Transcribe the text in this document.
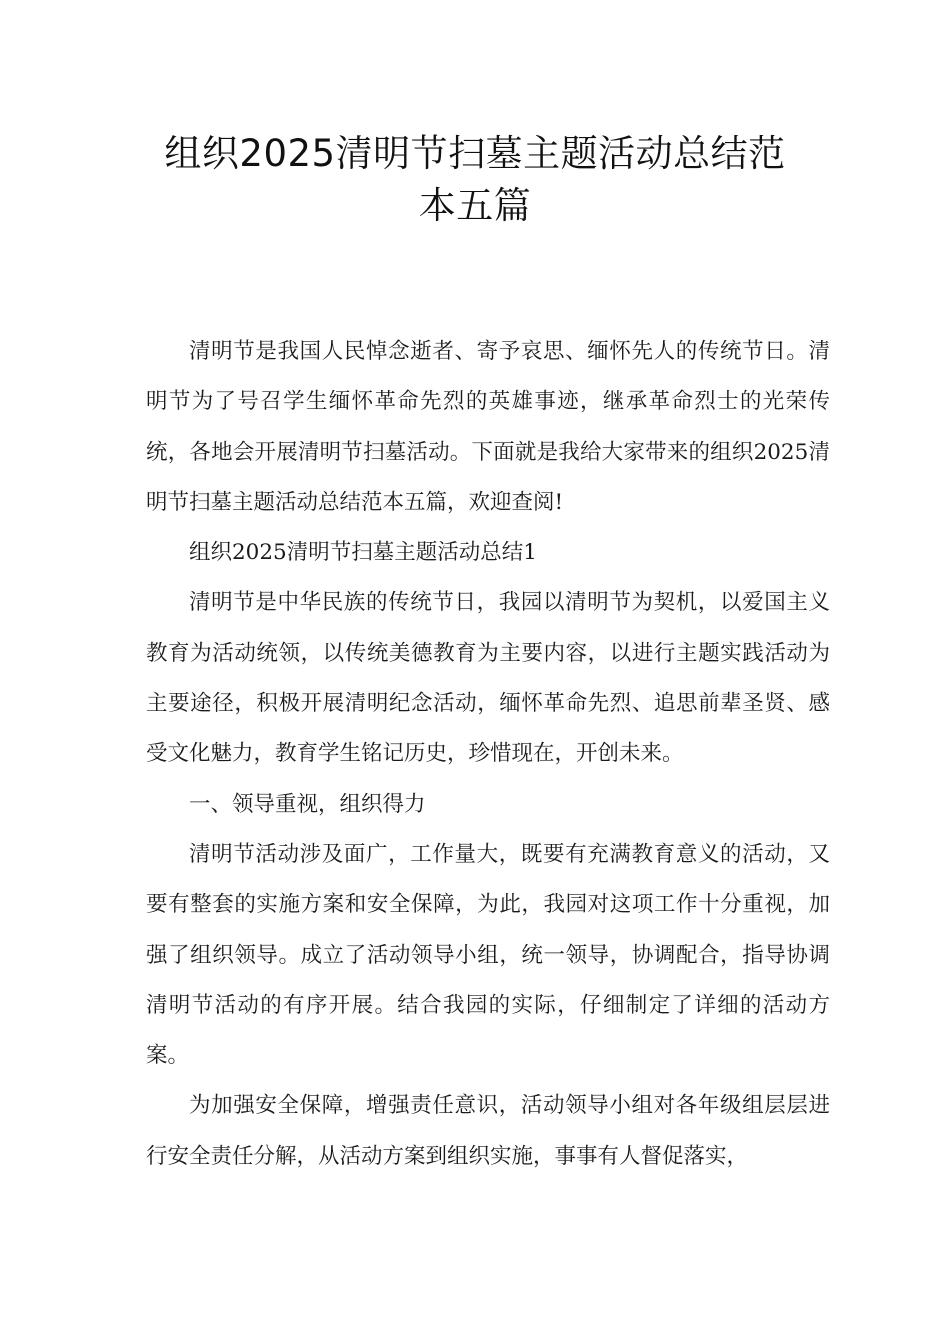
组织2025清明节扫墓主题活动总结范
本五篇

清明节是我国人民悼念逝者、寄予哀思、缅怀先人的传统节日。清明节为了号召学生缅怀革命先烈的英雄事迹，继承革命烈士的光荣传统，各地会开展清明节扫墓活动。下面就是我给大家带来的组织2025清明节扫墓主题活动总结范本五篇，欢迎查阅!

组织2025清明节扫墓主题活动总结1

清明节是中华民族的传统节日，我园以清明节为契机，以爱国主义教育为活动统领，以传统美德教育为主要内容，以进行主题实践活动为主要途径，积极开展清明纪念活动，缅怀革命先烈、追思前辈圣贤、感受文化魅力，教育学生铭记历史，珍惜现在，开创未来。

一、领导重视，组织得力

清明节活动涉及面广，工作量大，既要有充满教育意义的活动，又要有整套的实施方案和安全保障，为此，我园对这项工作十分重视，加强了组织领导。成立了活动领导小组，统一领导，协调配合，指导协调清明节活动的有序开展。结合我园的实际，仔细制定了详细的活动方案。

为加强安全保障，增强责任意识，活动领导小组对各年级组层层进行安全责任分解，从活动方案到组织实施，事事有人督促落实，
